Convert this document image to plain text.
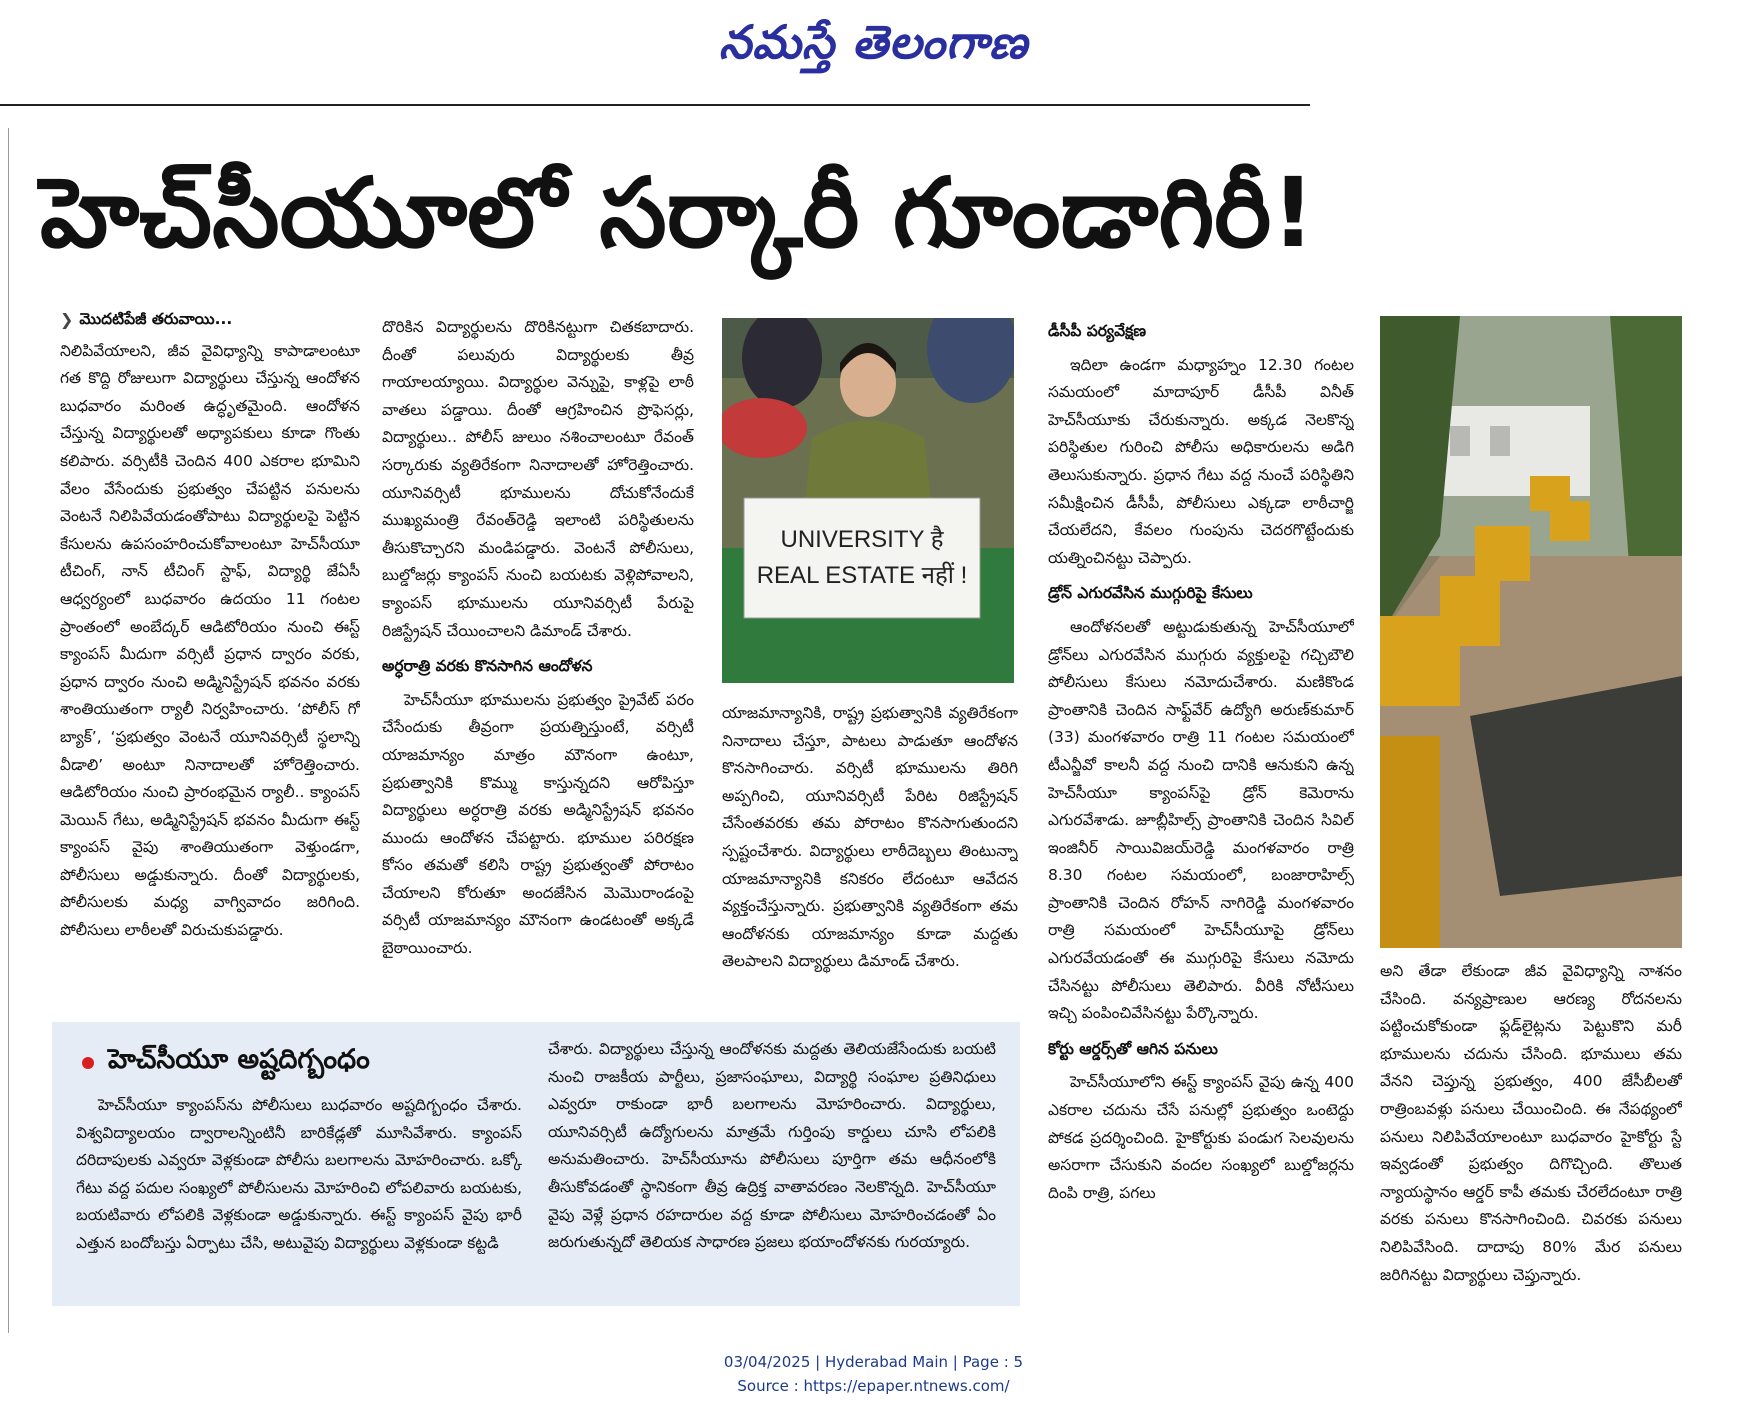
నమస్తే తెలంగాణ
హెచ్‌సీయూలో సర్కారీ గూండాగిరీ!
❯ మొదటిపేజీ తరువాయి...

నిలిపివేయాలని, జీవ వైవిధ్యాన్ని కాపాడాలంటూ గత కొద్ది రోజులుగా విద్యార్థులు చేస్తున్న ఆందోళన బుధవారం మరింత ఉద్ధృతమైంది. ఆందోళన చేస్తున్న విద్యార్థులతో అధ్యాపకులు కూడా గొంతు కలిపారు. వర్సిటీకి చెందిన 400 ఎకరాల భూమిని వేలం వేసేందుకు ప్రభుత్వం చేపట్టిన పనులను వెంటనే నిలిపివేయడంతోపాటు విద్యార్థులపై పెట్టిన కేసులను ఉపసంహరించుకోవాలంటూ హెచ్‌సీయూ టీచింగ్, నాన్ టీచింగ్ స్టాఫ్, విద్యార్థి జేఏసీ ఆధ్వర్యంలో బుధవారం ఉదయం 11 గంటల ప్రాంతంలో అంబేద్కర్ ఆడిటోరియం నుంచి ఈస్ట్ క్యాంపస్ మీదుగా వర్సిటీ ప్రధాన ద్వారం వరకు, ప్రధాన ద్వారం నుంచి అడ్మినిస్ట్రేషన్ భవనం వరకు శాంతియుతంగా ర్యాలీ నిర్వహించారు. ‘పోలీస్ గో బ్యాక్’, ‘ప్రభుత్వం వెంటనే యూనివర్సిటీ స్థలాన్ని వీడాలి’ అంటూ నినాదాలతో హోరెత్తించారు. ఆడిటోరియం నుంచి ప్రారంభమైన ర్యాలీ.. క్యాంపస్ మెయిన్ గేటు, అడ్మినిస్ట్రేషన్ భవనం మీదుగా ఈస్ట్ క్యాంపస్ వైపు శాంతియుతంగా వెళ్తుండగా, పోలీసులు అడ్డుకున్నారు. దీంతో విద్యార్థులకు, పోలీసులకు మధ్య వాగ్వివాదం జరిగింది. పోలీసులు లాఠీలతో విరుచుకుపడ్డారు.

దొరికిన విద్యార్థులను దొరికినట్టుగా చితకబాదారు. దీంతో పలువురు విద్యార్థులకు తీవ్ర గాయాలయ్యాయి. విద్యార్థుల వెన్నుపై, కాళ్లపై లాఠీ వాతలు పడ్డాయి. దీంతో ఆగ్రహించిన ప్రొఫెసర్లు, విద్యార్థులు.. పోలీస్ జులుం నశించాలంటూ రేవంత్ సర్కారుకు వ్యతిరేకంగా నినాదాలతో హోరెత్తించారు. యూనివర్సిటీ భూములను దోచుకోనేందుకే ముఖ్యమంత్రి రేవంత్‌రెడ్డి ఇలాంటి పరిస్థితులను తీసుకొచ్చారని మండిపడ్డారు. వెంటనే పోలీసులు, బుల్డోజర్లు క్యాంపస్ నుంచి బయటకు వెళ్లిపోవాలని, క్యాంపస్ భూములను యూనివర్సిటీ పేరుపై రిజిస్ట్రేషన్ చేయించాలని డిమాండ్ చేశారు.

అర్ధరాత్రి వరకు కొనసాగిన ఆందోళన

హెచ్‌సీయూ భూములను ప్రభుత్వం ప్రైవేట్ పరం చేసేందుకు తీవ్రంగా ప్రయత్నిస్తుంటే, వర్సిటీ యాజమాన్యం మాత్రం మౌనంగా ఉంటూ, ప్రభుత్వానికి కొమ్ము కాస్తున్నదని ఆరోపిస్తూ విద్యార్థులు అర్ధరాత్రి వరకు అడ్మినిస్ట్రేషన్ భవనం ముందు ఆందోళన చేపట్టారు. భూముల పరిరక్షణ కోసం తమతో కలిసి రాష్ట్ర ప్రభుత్వంతో పోరాటం చేయాలని కోరుతూ అందజేసిన మెమొరాండంపై వర్సిటీ యాజమాన్యం మౌనంగా ఉండటంతో అక్కడే బైఠాయించారు.

UNIVERSITY है
REAL ESTATE नहीं !

యాజమాన్యానికి, రాష్ట్ర ప్రభుత్వానికి వ్యతిరేకంగా నినాదాలు చేస్తూ, పాటలు పాడుతూ ఆందోళన కొనసాగించారు. వర్సిటీ భూములను తిరిగి అప్పగించి, యూనివర్సిటీ పేరిట రిజిస్ట్రేషన్ చేసేంతవరకు తమ పోరాటం కొనసాగుతుందని స్పష్టంచేశారు. విద్యార్థులు లాఠీదెబ్బలు తింటున్నా యాజమాన్యానికి కనికరం లేదంటూ ఆవేదన వ్యక్తంచేస్తున్నారు. ప్రభుత్వానికి వ్యతిరేకంగా తమ ఆందోళనకు యాజమాన్యం కూడా మద్దతు తెలపాలని విద్యార్థులు డిమాండ్ చేశారు.

డీసీపీ పర్యవేక్షణ

ఇదిలా ఉండగా మధ్యాహ్నం 12.30 గంటల సమయంలో మాదాపూర్ డీసీపీ వినీత్ హెచ్‌సీయూకు చేరుకున్నారు. అక్కడ నెలకొన్న పరిస్థితుల గురించి పోలీసు అధికారులను అడిగి తెలుసుకున్నారు. ప్రధాన గేటు వద్ద నుంచే పరిస్థితిని సమీక్షించిన డీసీపీ, పోలీసులు ఎక్కడా లాఠీచార్జి చేయలేదని, కేవలం గుంపును చెదరగొట్టేందుకు యత్నించినట్టు చెప్పారు.

డ్రోన్ ఎగురవేసిన ముగ్గురిపై కేసులు

ఆందోళనలతో అట్టుడుకుతున్న హెచ్‌సీయూలో డ్రోన్‌లు ఎగురవేసిన ముగ్గురు వ్యక్తులపై గచ్చిబౌలి పోలీసులు కేసులు నమోదుచేశారు. మణికొండ ప్రాంతానికి చెందిన సాఫ్ట్‌వేర్ ఉద్యోగి అరుణ్‌కుమార్ (33) మంగళవారం రాత్రి 11 గంటల సమయంలో టీఎన్జీవో కాలనీ వద్ద నుంచి దానికి ఆనుకుని ఉన్న హెచ్‌సీయూ క్యాంపస్‌పై డ్రోన్ కెమెరాను ఎగురవేశాడు. జూబ్లీహిల్స్ ప్రాంతానికి చెందిన సివిల్ ఇంజినీర్ సాయివిజయ్‌రెడ్డి మంగళవారం రాత్రి 8.30 గంటల సమయంలో, బంజారాహిల్స్ ప్రాంతానికి చెందిన రోహన్ నాగిరెడ్డి మంగళవారం రాత్రి సమయంలో హెచ్‌సీయూపై డ్రోన్‌లు ఎగురవేయడంతో ఈ ముగ్గురిపై కేసులు నమోదు చేసినట్టు పోలీసులు తెలిపారు. వీరికి నోటీసులు ఇచ్చి పంపించివేసినట్టు పేర్కొన్నారు.

కోర్టు ఆర్డర్స్‌తో ఆగిన పనులు

హెచ్‌సీయూలోని ఈస్ట్ క్యాంపస్ వైపు ఉన్న 400 ఎకరాల చదును చేసే పనుల్లో ప్రభుత్వం ఒంటెద్దు పోకడ ప్రదర్శించింది. హైకోర్టుకు పండుగ సెలవులను అసరాగా చేసుకుని వందల సంఖ్యలో బుల్డోజర్లను దింపి రాత్రి, పగలు

అని తేడా లేకుండా జీవ వైవిధ్యాన్ని నాశనం చేసింది. వన్యప్రాణుల ఆరణ్య రోదనలను పట్టించుకోకుండా ఫ్లడ్‌లైట్లను పెట్టుకొని మరీ భూములను చదును చేసింది. భూములు తమ వేనని చెప్తున్న ప్రభుత్వం, 400 జేసీబీలతో రాత్రింబవళ్లు పనులు చేయించింది. ఈ నేపథ్యంలో పనులు నిలిపివేయాలంటూ బుధవారం హైకోర్టు స్టే ఇవ్వడంతో ప్రభుత్వం దిగొచ్చింది. తొలుత న్యాయస్థానం ఆర్డర్ కాపీ తమకు చేరలేదంటూ రాత్రి వరకు పనులు కొనసాగించింది. చివరకు పనులు నిలిపివేసింది. దాదాపు 80% మేర పనులు జరిగినట్టు విద్యార్థులు చెప్తున్నారు.

హెచ్‌సీయూ అష్టదిగ్బంధం

హెచ్‌సీయూ క్యాంపస్‌ను పోలీసులు బుధవారం అష్టదిగ్బంధం చేశారు. విశ్వవిద్యాలయం ద్వారాలన్నింటినీ బారికేడ్లతో మూసివేశారు. క్యాంపస్ దరిదాపులకు ఎవ్వరూ వెళ్లకుండా పోలీసు బలగాలను మోహరించారు. ఒక్కో గేటు వద్ద పదుల సంఖ్యలో పోలీసులను మోహరించి లోపలివారు బయటకు, బయటివారు లోపలికి వెళ్లకుండా అడ్డుకున్నారు. ఈస్ట్ క్యాంపస్ వైపు భారీ ఎత్తున బందోబస్తు ఏర్పాటు చేసి, అటువైపు విద్యార్థులు వెళ్లకుండా కట్టడి

చేశారు. విద్యార్థులు చేస్తున్న ఆందోళనకు మద్దతు తెలియజేసేందుకు బయటి నుంచి రాజకీయ పార్టీలు, ప్రజాసంఘాలు, విద్యార్థి సంఘాల ప్రతినిధులు ఎవ్వరూ రాకుండా భారీ బలగాలను మోహరించారు. విద్యార్థులు, యూనివర్సిటీ ఉద్యోగులను మాత్రమే గుర్తింపు కార్డులు చూసి లోపలికి అనుమతించారు. హెచ్‌సీయూను పోలీసులు పూర్తిగా తమ ఆధీనంలోకి తీసుకోవడంతో స్థానికంగా తీవ్ర ఉద్రిక్త వాతావరణం నెలకొన్నది. హెచ్‌సీయూ వైపు వెళ్లే ప్రధాన రహదారుల వద్ద కూడా పోలీసులు మోహరించడంతో ఏం జరుగుతున్నదో తెలియక సాధారణ ప్రజలు భయాందోళనకు గురయ్యారు.

03/04/2025 | Hyderabad Main | Page : 5
Source : https://epaper.ntnews.com/
